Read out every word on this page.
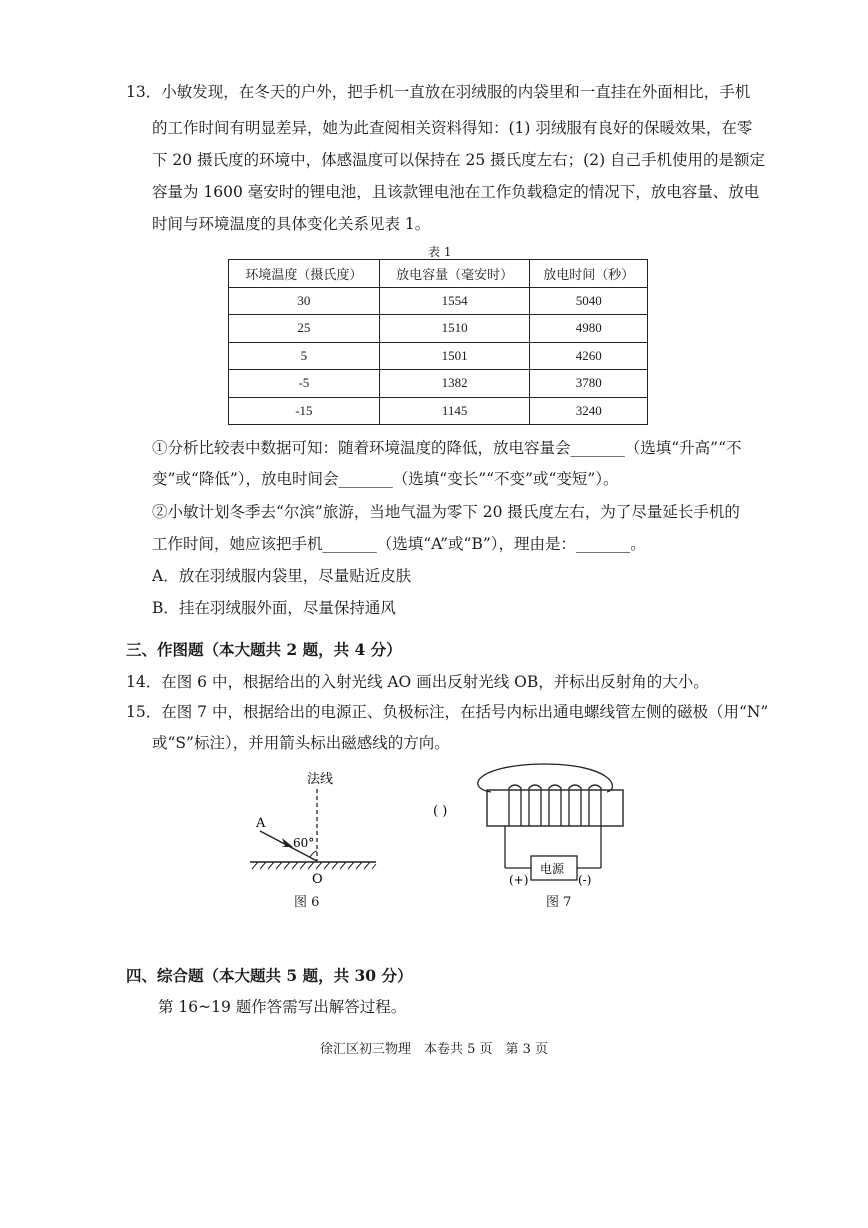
13．小敏发现，在冬天的户外，把手机一直放在羽绒服的内袋里和一直挂在外面相比，手机
的工作时间有明显差异，她为此查阅相关资料得知：(1) 羽绒服有良好的保暖效果，在零
下 20 摄氏度的环境中，体感温度可以保持在 25 摄氏度左右；(2) 自己手机使用的是额定
容量为 1600 毫安时的锂电池，且该款锂电池在工作负载稳定的情况下，放电容量、放电
时间与环境温度的具体变化关系见表 1。
表 1
环境温度（摄氏度）	放电容量（毫安时）	放电时间（秒）
30	1554	5040
25	1510	4980
5	1501	4260
-5	1382	3780
-15	1145	3240
①分析比较表中数据可知：随着环境温度的降低，放电容量会_______（选填“升高”“不
变”或“降低”），放电时间会_______（选填“变长”“不变”或“变短”）。
②小敏计划冬季去“尔滨”旅游，当地气温为零下 20 摄氏度左右，为了尽量延长手机的
工作时间，她应该把手机_______（选填“A”或“B”），理由是：_______。
A．放在羽绒服内袋里，尽量贴近皮肤
B．挂在羽绒服外面，尽量保持通风
三、作图题（本大题共 2 题，共 4 分）
14．在图 6 中，根据给出的入射光线 AO 画出反射光线 OB，并标出反射角的大小。
15．在图 7 中，根据给出的电源正、负极标注，在括号内标出通电螺线管左侧的磁极（用“N”
或“S”标注），并用箭头标出磁感线的方向。
法线
A
60°
O
图 6
( )
电源
(+)	(-)
图 7
四、综合题（本大题共 5 题，共 30 分）
第 16~19 题作答需写出解答过程。
徐汇区初三物理　本卷共 5 页　第 3 页
